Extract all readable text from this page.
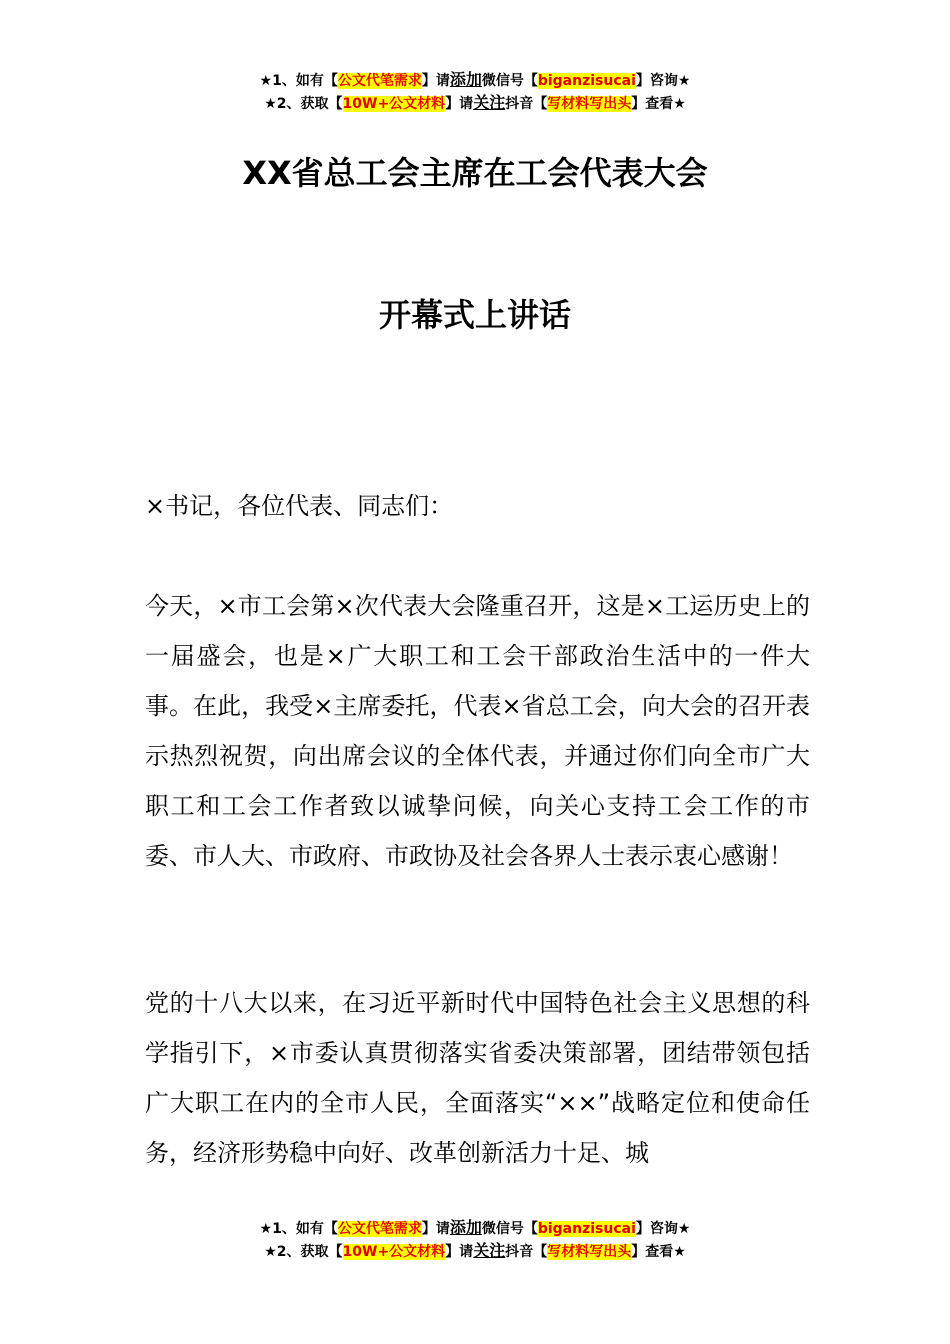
★1、如有【公文代笔需求】请添加微信号【biganzisucai】咨询★
★2、获取【10W+公文材料】请关注抖音【写材料写出头】查看★
XX省总工会主席在工会代表大会
开幕式上讲话
×书记，各位代表、同志们：
今天，×市工会第×次代表大会隆重召开，这是×工运历史上的一届盛会，也是×广大职工和工会干部政治生活中的一件大事。在此，我受×主席委托，代表×省总工会，向大会的召开表示热烈祝贺，向出席会议的全体代表，并通过你们向全市广大职工和工会工作者致以诚挚问候，向关心支持工会工作的市委、市人大、市政府、市政协及社会各界人士表示衷心感谢！
党的十八大以来，在习近平新时代中国特色社会主义思想的科学指引下，×市委认真贯彻落实省委决策部署，团结带领包括广大职工在内的全市人民，全面落实“××”战略定位和使命任务，经济形势稳中向好、改革创新活力十足、城
★1、如有【公文代笔需求】请添加微信号【biganzisucai】咨询★
★2、获取【10W+公文材料】请关注抖音【写材料写出头】查看★
